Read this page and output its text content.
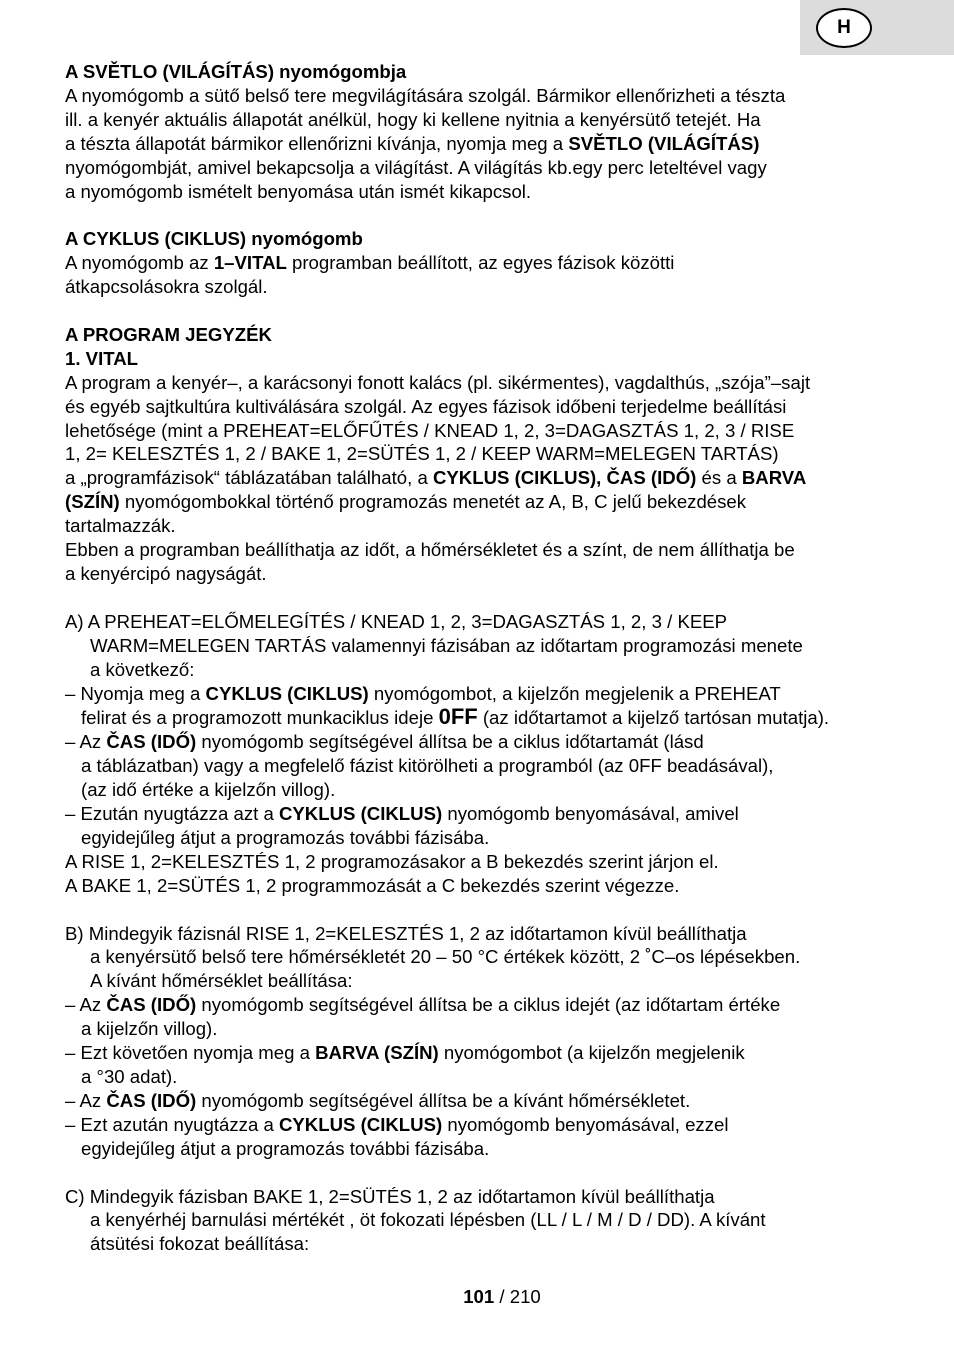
H

A SVĚTLO (VILÁGÍTÁS) nyomógombja

A nyomógomb a sütő belső tere megvilágítására szolgál. Bármikor ellenőrizheti a tészta

ill. a kenyér aktuális állapotát anélkül, hogy ki kellene nyitnia a kenyérsütő tetejét. Ha

a tészta állapotát bármikor ellenőrizni kívánja, nyomja meg a SVĚTLO (VILÁGÍTÁS)

nyomógombját, amivel bekapcsolja a világítást. A világítás kb.egy perc leteltével vagy

a nyomógomb ismételt benyomása után ismét kikapcsol.

A CYKLUS (CIKLUS) nyomógomb

A nyomógomb az 1–VITAL programban beállított, az egyes fázisok közötti

átkapcsolásokra szolgál.

A PROGRAM JEGYZÉK

1. VITAL

A program a kenyér–, a karácsonyi fonott kalács (pl. sikérmentes), vagdalthús, „szója”–sajt

és egyéb sajtkultúra kultiválására szolgál. Az egyes fázisok időbeni terjedelme beállítási

lehetősége (mint a PREHEAT=ELŐFŰTÉS / KNEAD 1, 2, 3=DAGASZTÁS 1, 2, 3 / RISE

1, 2= KELESZTÉS 1, 2 / BAKE 1, 2=SÜTÉS 1, 2 / KEEP WARM=MELEGEN TARTÁS)

a „programfázisok“ táblázatában található, a CYKLUS (CIKLUS), ČAS (IDŐ) és a BARVA

(SZÍN) nyomógombokkal történő programozás menetét az A, B, C jelű bekezdések

tartalmazzák.

Ebben a programban beállíthatja az időt, a hőmérsékletet és a színt, de nem állíthatja be

a kenyércipó nagyságát.

A) A PREHEAT=ELŐMELEGÍTÉS / KNEAD 1, 2, 3=DAGASZTÁS 1, 2, 3 / KEEP

WARM=MELEGEN TARTÁS valamennyi fázisában az időtartam programozási menete

a következő:

– Nyomja meg a CYKLUS (CIKLUS) nyomógombot, a kijelzőn megjelenik a PREHEAT

felirat és a programozott munkaciklus ideje 0FF (az időtartamot a kijelző tartósan mutatja).

– Az ČAS (IDŐ) nyomógomb segítségével állítsa be a ciklus időtartamát (lásd

a táblázatban) vagy a megfelelő fázist kitörölheti a programból (az 0FF beadásával),

(az idő értéke a kijelzőn villog).

– Ezután nyugtázza azt a CYKLUS (CIKLUS) nyomógomb benyomásával, amivel

egyidejűleg átjut a programozás további fázisába.

A RISE 1, 2=KELESZTÉS 1, 2 programozásakor a B bekezdés szerint járjon el.

A BAKE 1, 2=SÜTÉS 1, 2 programmozását a C bekezdés szerint végezze.

B) Mindegyik fázisnál RISE 1, 2=KELESZTÉS 1, 2 az időtartamon kívül beállíthatja

a kenyérsütő belső tere hőmérsékletét 20 – 50 °C értékek között, 2 ˚C–os lépésekben.

A kívánt hőmérséklet beállítása:

– Az ČAS (IDŐ) nyomógomb segítségével állítsa be a ciklus idejét (az időtartam értéke

a kijelzőn villog).

– Ezt követően nyomja meg a BARVA (SZÍN) nyomógombot (a kijelzőn megjelenik

a °30 adat).

– Az ČAS (IDŐ) nyomógomb segítségével állítsa be a kívánt hőmérsékletet.

– Ezt azután nyugtázza a CYKLUS (CIKLUS) nyomógomb benyomásával, ezzel

egyidejűleg átjut a programozás további fázisába.

C) Mindegyik fázisban BAKE 1, 2=SÜTÉS 1, 2 az időtartamon kívül beállíthatja

a kenyérhéj barnulási mértékét , öt fokozati lépésben (LL / L / M / D / DD). A kívánt

átsütési fokozat beállítása:

101 / 210
